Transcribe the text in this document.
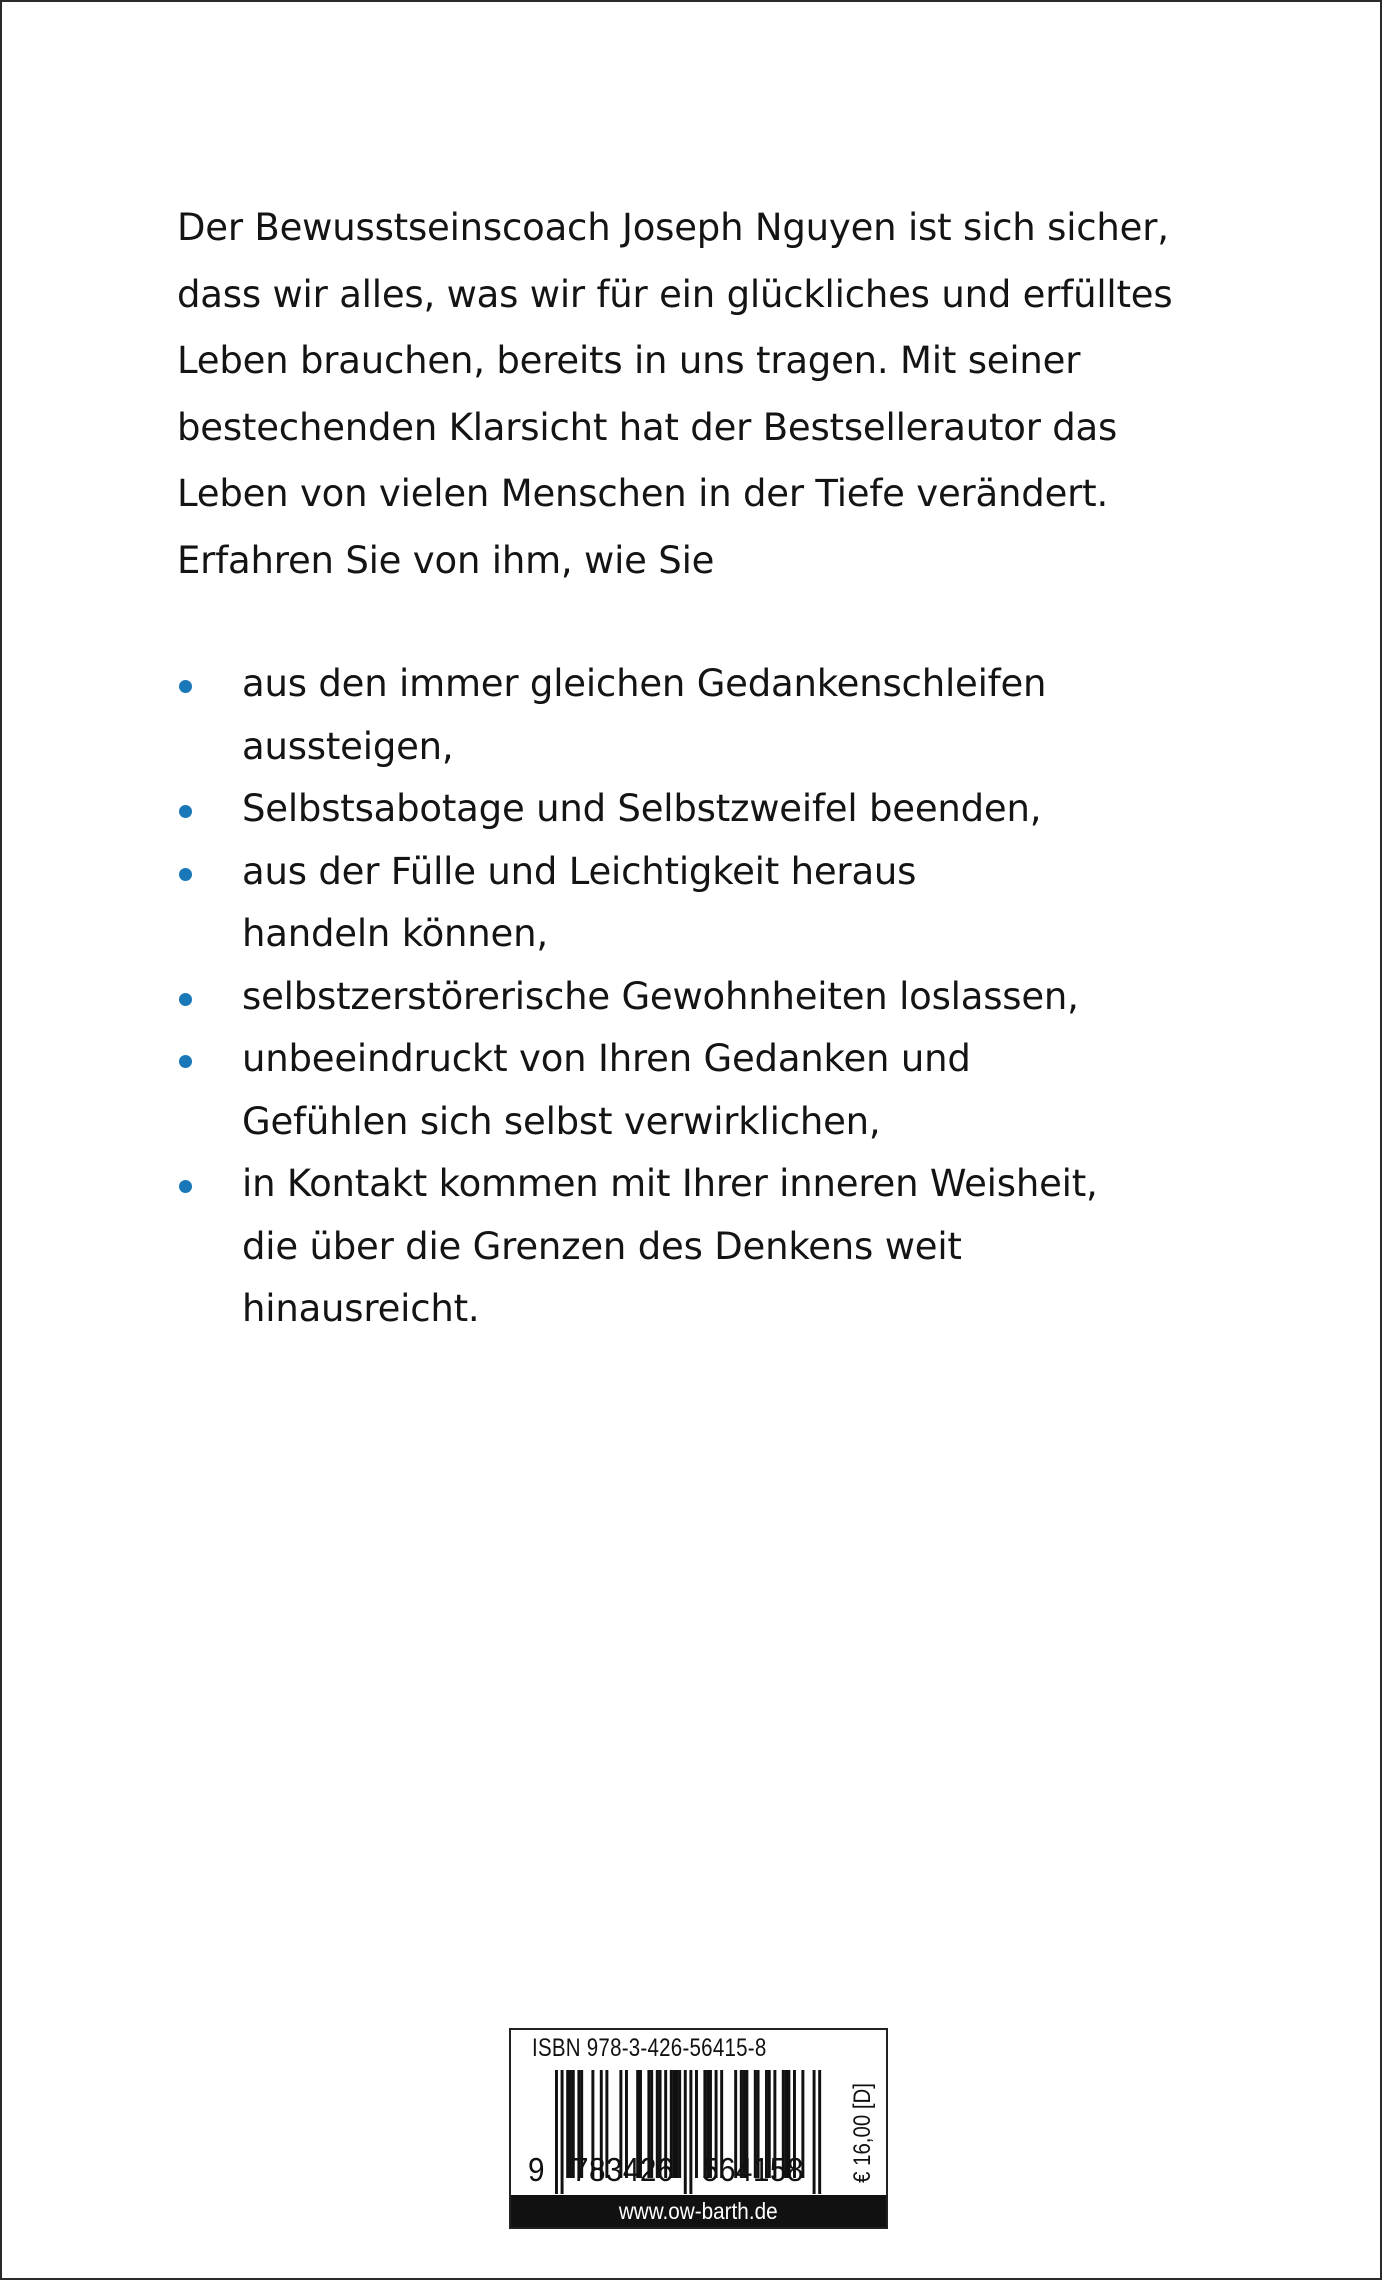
Der Bewusstseinscoach Joseph Nguyen ist sich sicher,
dass wir alles, was wir für ein glückliches und erfülltes
Leben brauchen, bereits in uns tragen. Mit seiner
bestechenden Klarsicht hat der Bestsellerautor das
Leben von vielen Menschen in der Tiefe verändert.
Erfahren Sie von ihm, wie Sie
aus den immer gleichen Gedankenschleifen
aussteigen,
Selbstsabotage und Selbstzweifel beenden,
aus der Fülle und Leichtigkeit heraus
handeln können,
selbstzerstörerische Gewohnheiten loslassen,
unbeeindruckt von Ihren Gedanken und
Gefühlen sich selbst verwirklichen,
in Kontakt kommen mit Ihrer inneren Weisheit,
die über die Grenzen des Denkens weit
hinausreicht.
ISBN 978-3-426-56415-8
9 783426 564158 € 16,00 [D]
www.ow-barth.de
